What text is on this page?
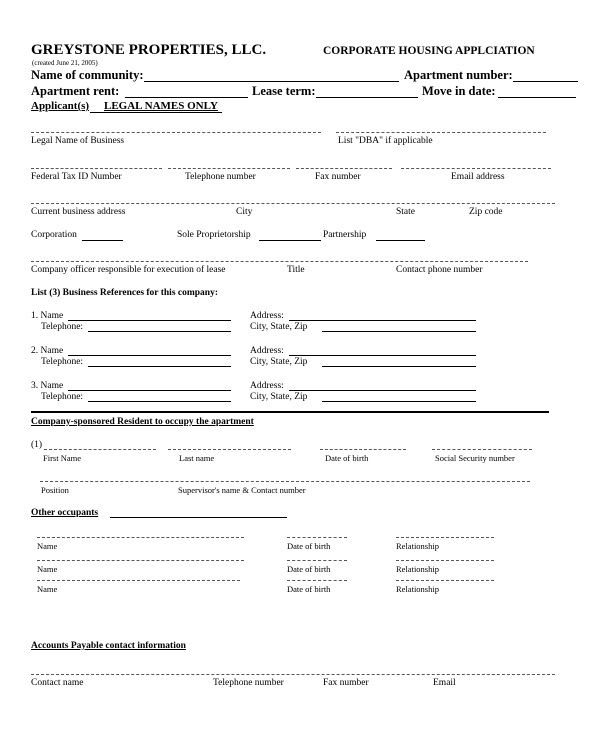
GREYSTONE PROPERTIES, LLC.	CORPORATE HOUSING APPLCIATION
(created June 21, 2005)
Name of community:	Apartment number:
Apartment rent:	Lease term:	Move in date:
Applicant(s) LEGAL NAMES ONLY
Legal Name of Business	List "DBA" if applicable
Federal Tax ID Number	Telephone number	Fax number	Email address
Current business address	City	State	Zip code
Corporation	Sole Proprietorship	Partnership
Company officer responsible for execution of lease	Title	Contact phone number
List (3) Business References for this company:
1. Name
Telephone:
Address:
City, State, Zip
2. Name
Telephone:
Address:
City, State, Zip
3. Name
Telephone:
Address:
City, State, Zip
Company-sponsored Resident to occupy the apartment
(1)
First Name	Last name	Date of birth	Social Security number
Position	Supervisor's name & Contact number
Other occupants
Name	Date of birth	Relationship
Name	Date of birth	Relationship
Name	Date of birth	Relationship
Accounts Payable contact information
Contact name	Telephone number	Fax number	Email
